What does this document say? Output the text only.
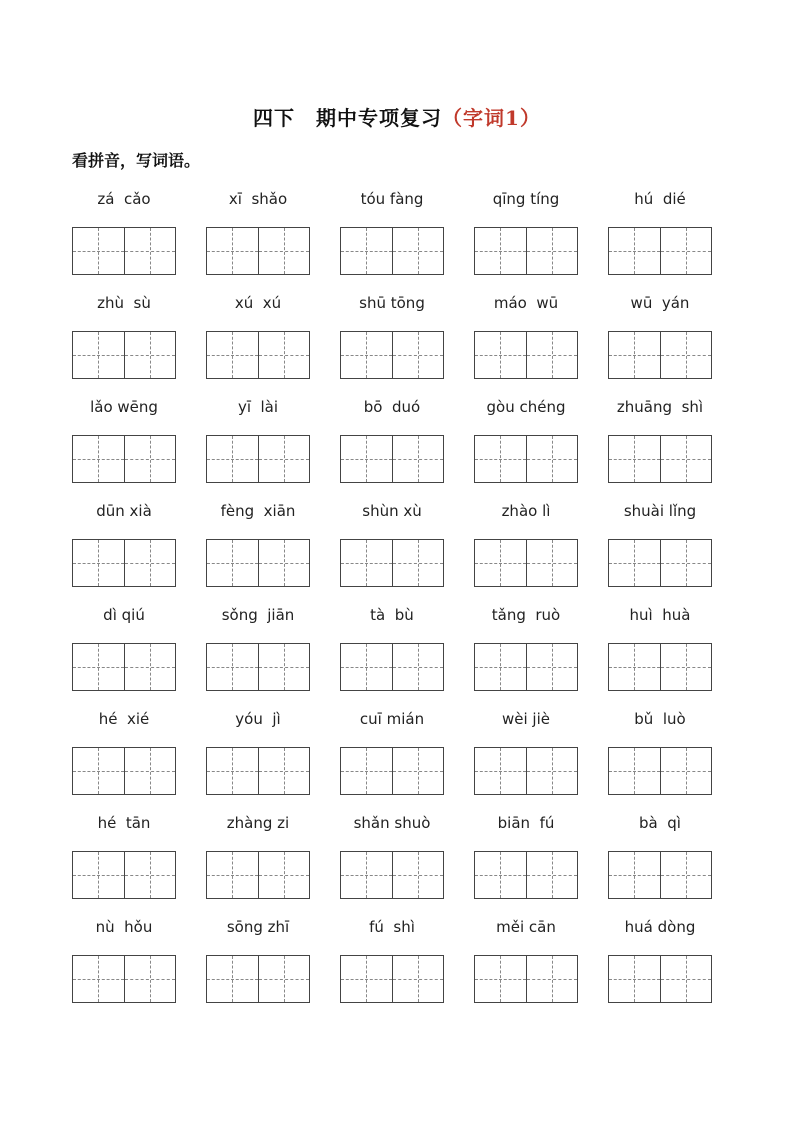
四下　期中专项复习（字词1）
看拼音，写词语。
zá  cǎo	xī  shǎo	tóu fàng	qīng tíng	hú  dié
zhù  sù	xú  xú	shū tōng	máo  wū	wū  yán
lǎo wēng	yī  lài	bō  duó	gòu chéng	zhuāng  shì
dūn xià	fèng  xiān	shùn xù	zhào lì	shuài lǐng
dì qiú	sǒng  jiān	tà  bù	tǎng  ruò	huì  huà
hé  xié	yóu  jì	cuī mián	wèi jiè	bǔ  luò
hé  tān	zhàng zi	shǎn shuò	biān  fú	bà  qì
nù  hǒu	sōng zhī	fú  shì	měi cān	huá dòng
